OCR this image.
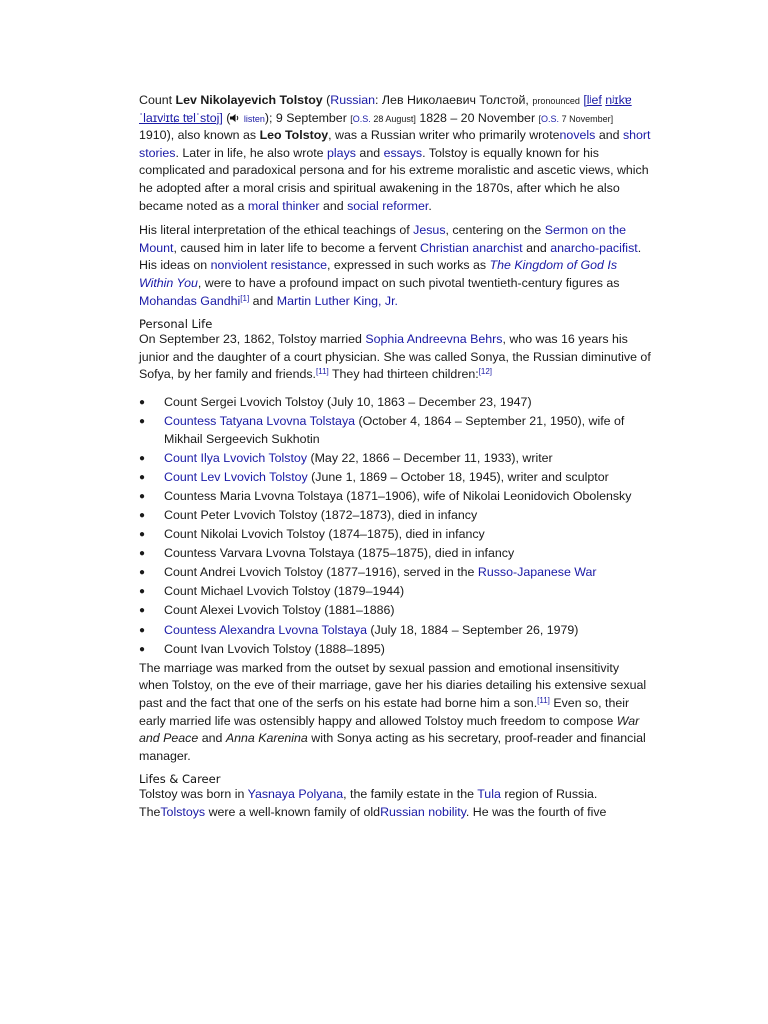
Count Lev Nikolayevich Tolstoy (Russian: Лев Николаевич Толстой, pronounced [lʲef nʲɪkɐˈlaɪvʲɪtɕ tɐlˈstoj] ( listen); 9 September [O.S. 28 August] 1828 – 20 November [O.S. 7 November] 1910), also known as Leo Tolstoy, was a Russian writer who primarily wrotenovels and short stories. Later in life, he also wrote plays and essays. Tolstoy is equally known for his complicated and paradoxical persona and for his extreme moralistic and ascetic views, which he adopted after a moral crisis and spiritual awakening in the 1870s, after which he also became noted as a moral thinker and social reformer.

His literal interpretation of the ethical teachings of Jesus, centering on the Sermon on the Mount, caused him in later life to become a fervent Christian anarchist and anarcho-pacifist. His ideas on nonviolent resistance, expressed in such works as The Kingdom of God Is Within You, were to have a profound impact on such pivotal twentieth-century figures as Mohandas Gandhi[1] and Martin Luther King, Jr.

Personal Life

On September 23, 1862, Tolstoy married Sophia Andreevna Behrs, who was 16 years his junior and the daughter of a court physician. She was called Sonya, the Russian diminutive of Sofya, by her family and friends.[11] They had thirteen children:[12]

● Count Sergei Lvovich Tolstoy (July 10, 1863 – December 23, 1947)
● Countess Tatyana Lvovna Tolstaya (October 4, 1864 – September 21, 1950), wife of Mikhail Sergeevich Sukhotin
● Count Ilya Lvovich Tolstoy (May 22, 1866 – December 11, 1933), writer
● Count Lev Lvovich Tolstoy (June 1, 1869 – October 18, 1945), writer and sculptor
● Countess Maria Lvovna Tolstaya (1871–1906), wife of Nikolai Leonidovich Obolensky
● Count Peter Lvovich Tolstoy (1872–1873), died in infancy
● Count Nikolai Lvovich Tolstoy (1874–1875), died in infancy
● Countess Varvara Lvovna Tolstaya (1875–1875), died in infancy
● Count Andrei Lvovich Tolstoy (1877–1916), served in the Russo-Japanese War
● Count Michael Lvovich Tolstoy (1879–1944)
● Count Alexei Lvovich Tolstoy (1881–1886)
● Countess Alexandra Lvovna Tolstaya (July 18, 1884 – September 26, 1979)
● Count Ivan Lvovich Tolstoy (1888–1895)

The marriage was marked from the outset by sexual passion and emotional insensitivity when Tolstoy, on the eve of their marriage, gave her his diaries detailing his extensive sexual past and the fact that one of the serfs on his estate had borne him a son.[11] Even so, their early married life was ostensibly happy and allowed Tolstoy much freedom to compose War and Peace and Anna Karenina with Sonya acting as his secretary, proof-reader and financial manager.

Lifes & Career

Tolstoy was born in Yasnaya Polyana, the family estate in the Tula region of Russia. TheTolstoys were a well-known family of oldRussian nobility. He was the fourth of five
